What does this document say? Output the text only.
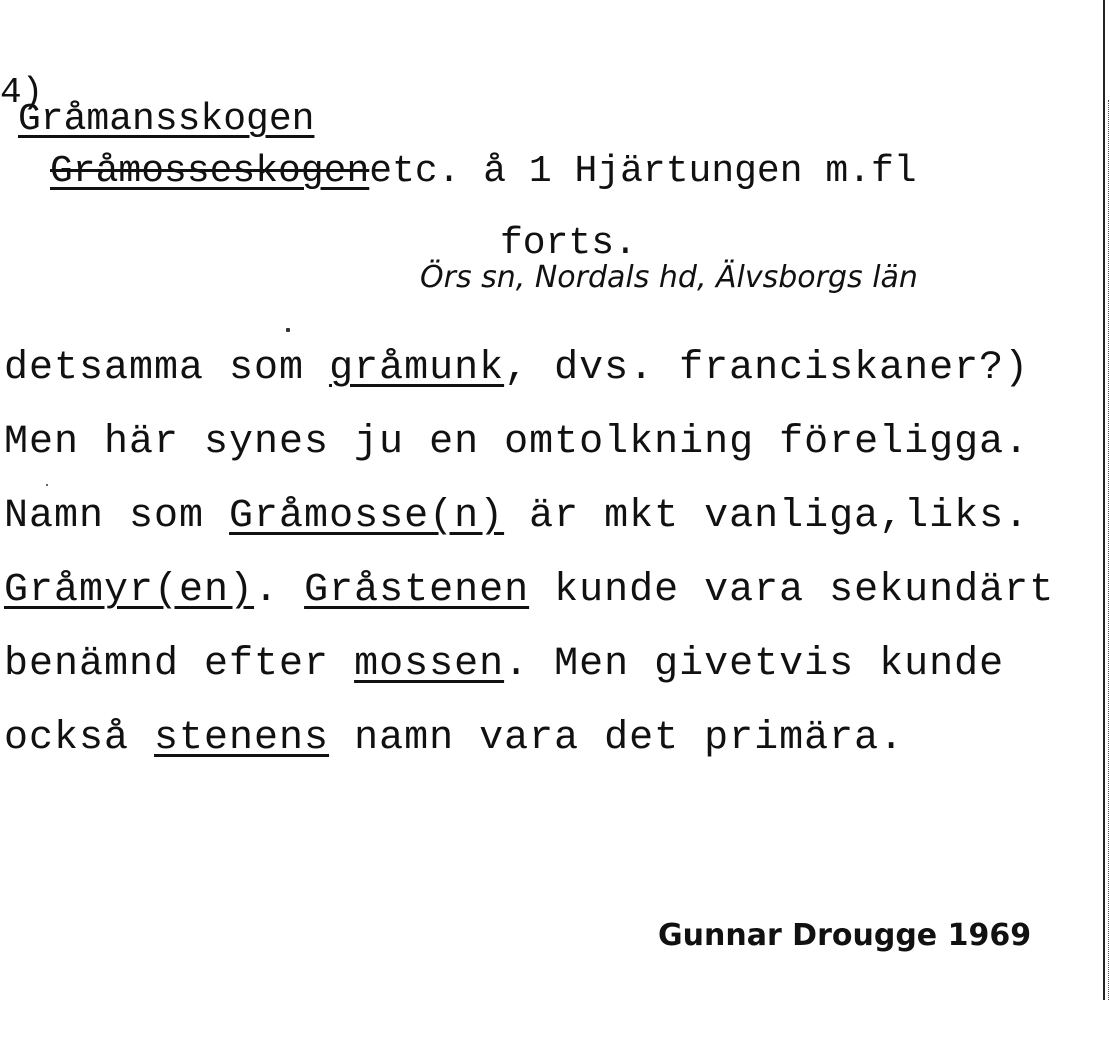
4)
Gråmansskogen
Gråmosseskogenetc. å 1 Hjärtungen m.fl
forts.
Örs sn, Nordals hd, Älvsborgs län
detsamma som gråmunk, dvs. franciskaner?)
Men här synes ju en omtolkning föreligga.
Namn som Gråmosse(n) är mkt vanliga,liks.
Gråmyr(en). Gråstenen kunde vara sekundärt
benämnd efter mossen. Men givetvis kunde
också stenens namn vara det primära.
Gunnar Drougge 1969
